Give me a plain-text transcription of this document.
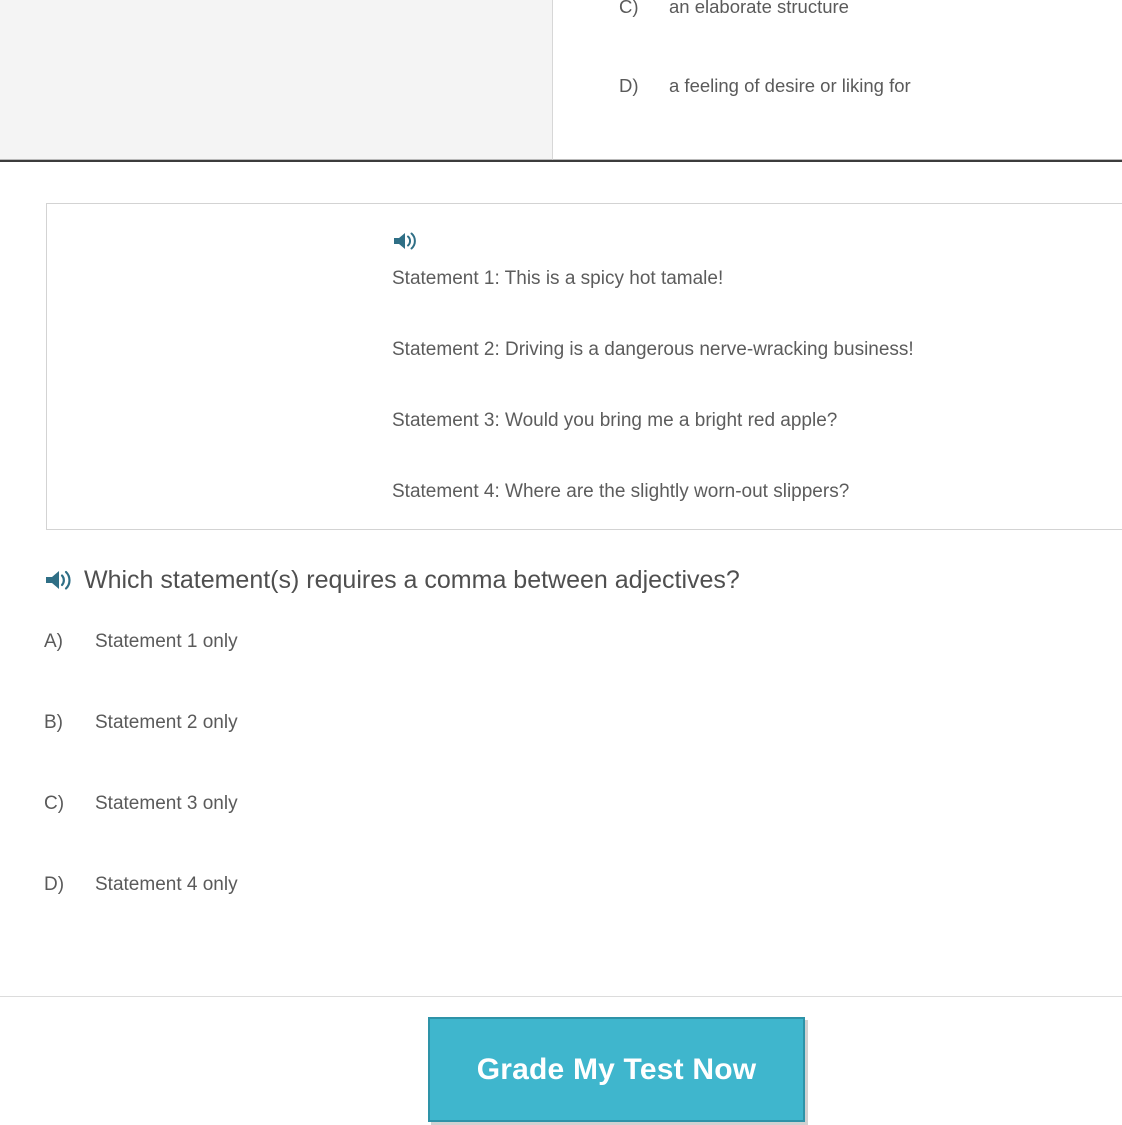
C)	an elaborate structure
D)	a feeling of desire or liking for
Statement 1: This is a spicy hot tamale!
Statement 2: Driving is a dangerous nerve-wracking business!
Statement 3: Would you bring me a bright red apple?
Statement 4: Where are the slightly worn-out slippers?
Which statement(s) requires a comma between adjectives?
A)	Statement 1 only
B)	Statement 2 only
C)	Statement 3 only
D)	Statement 4 only
Grade My Test Now
